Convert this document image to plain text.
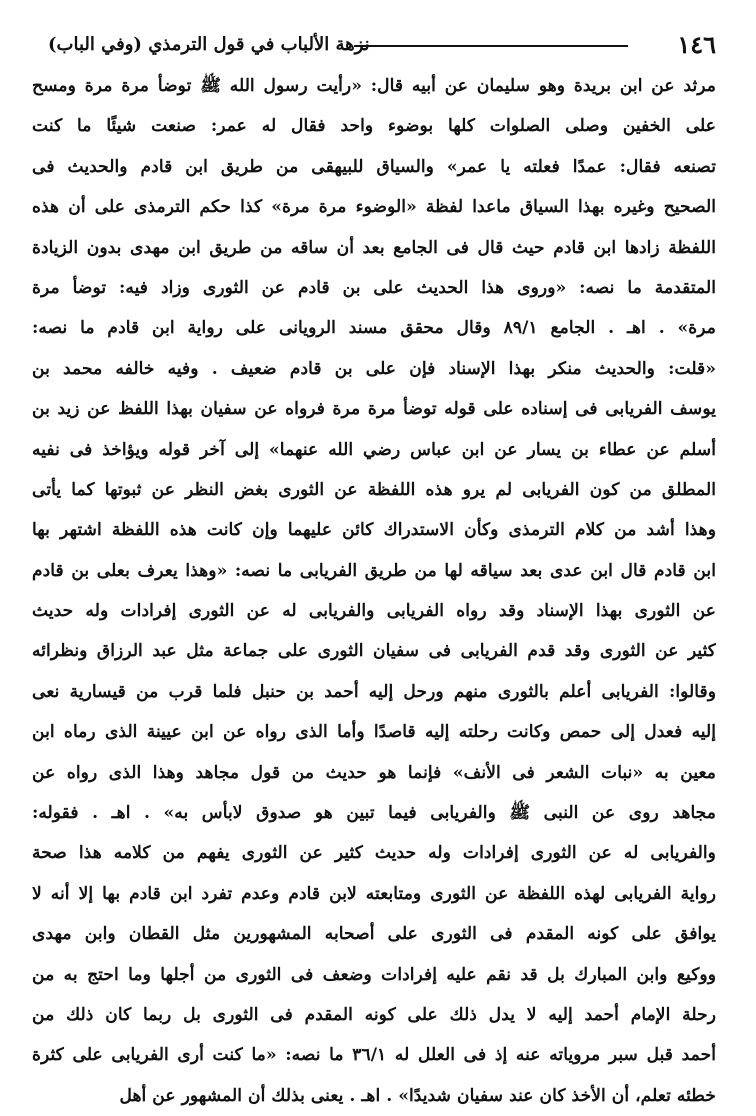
١٤٦
نزهة الألباب في قول الترمذي (وفي الباب)
مرثد عن ابن بريدة وهو سليمان عن أبيه قال: «رأيت رسول الله ﷺ توضأ مرة مرة ومسح
على الخفين وصلى الصلوات كلها بوضوء واحد فقال له عمر: صنعت شيئًا ما كنت
تصنعه فقال: عمدًا فعلته يا عمر» والسياق للبيهقى من طريق ابن قادم والحديث فى
الصحيح وغيره بهذا السياق ماعدا لفظة «الوضوء مرة مرة» كذا حكم الترمذى على أن هذه
اللفظة زادها ابن قادم حيث قال فى الجامع بعد أن ساقه من طريق ابن مهدى بدون الزيادة
المتقدمة ما نصه: «وروى هذا الحديث على بن قادم عن الثورى وزاد فيه: توضأ مرة
مرة» . اهـ . الجامع ٨٩/١ وقال محقق مسند الرويانى على رواية ابن قادم ما نصه:
«قلت: والحديث منكر بهذا الإسناد فإن على بن قادم ضعيف . وفيه خالفه محمد بن
يوسف الفريابى فى إسناده على قوله توضأ مرة مرة فرواه عن سفيان بهذا اللفظ عن زيد بن
أسلم عن عطاء بن يسار عن ابن عباس رضي الله عنهما» إلى آخر قوله ويؤاخذ فى نفيه
المطلق من كون الفريابى لم يرو هذه اللفظة عن الثورى بغض النظر عن ثبوتها كما يأتى
وهذا أشد من كلام الترمذى وكأن الاستدراك كائن عليهما وإن كانت هذه اللفظة اشتهر بها
ابن قادم قال ابن عدى بعد سياقه لها من طريق الفريابى ما نصه: «وهذا يعرف بعلى بن قادم
عن الثورى بهذا الإسناد وقد رواه الفريابى والفريابى له عن الثورى إفرادات وله حديث
كثير عن الثورى وقد قدم الفريابى فى سفيان الثورى على جماعة مثل عبد الرزاق ونظرائه
وقالوا: الفريابى أعلم بالثورى منهم ورحل إليه أحمد بن حنبل فلما قرب من قيسارية نعى
إليه فعدل إلى حمص وكانت رحلته إليه قاصدًا وأما الذى رواه عن ابن عيينة الذى رماه ابن
معين به «نبات الشعر فى الأنف» فإنما هو حديث من قول مجاهد وهذا الذى رواه عن
مجاهد روى عن النبى ﷺ والفريابى فيما تبين هو صدوق لابأس به» . اهـ . فقوله:
والفريابى له عن الثورى إفرادات وله حديث كثير عن الثورى يفهم من كلامه هذا صحة
رواية الفريابى لهذه اللفظة عن الثورى ومتابعته لابن قادم وعدم تفرد ابن قادم بها إلا أنه لا
يوافق على كونه المقدم فى الثورى على أصحابه المشهورين مثل القطان وابن مهدى
ووكيع وابن المبارك بل قد نقم عليه إفرادات وضعف فى الثورى من أجلها وما احتج به من
رحلة الإمام أحمد إليه لا يدل ذلك على كونه المقدم فى الثورى بل ربما كان ذلك من
أحمد قبل سبر مروياته عنه إذ فى العلل له ٣٦/١ ما نصه: «ما كنت أرى الفريابى على كثرة
خطئه تعلم، أن الأخذ كان عند سفيان شديدًا» . اهـ . يعنى بذلك أن المشهور عن أهل
